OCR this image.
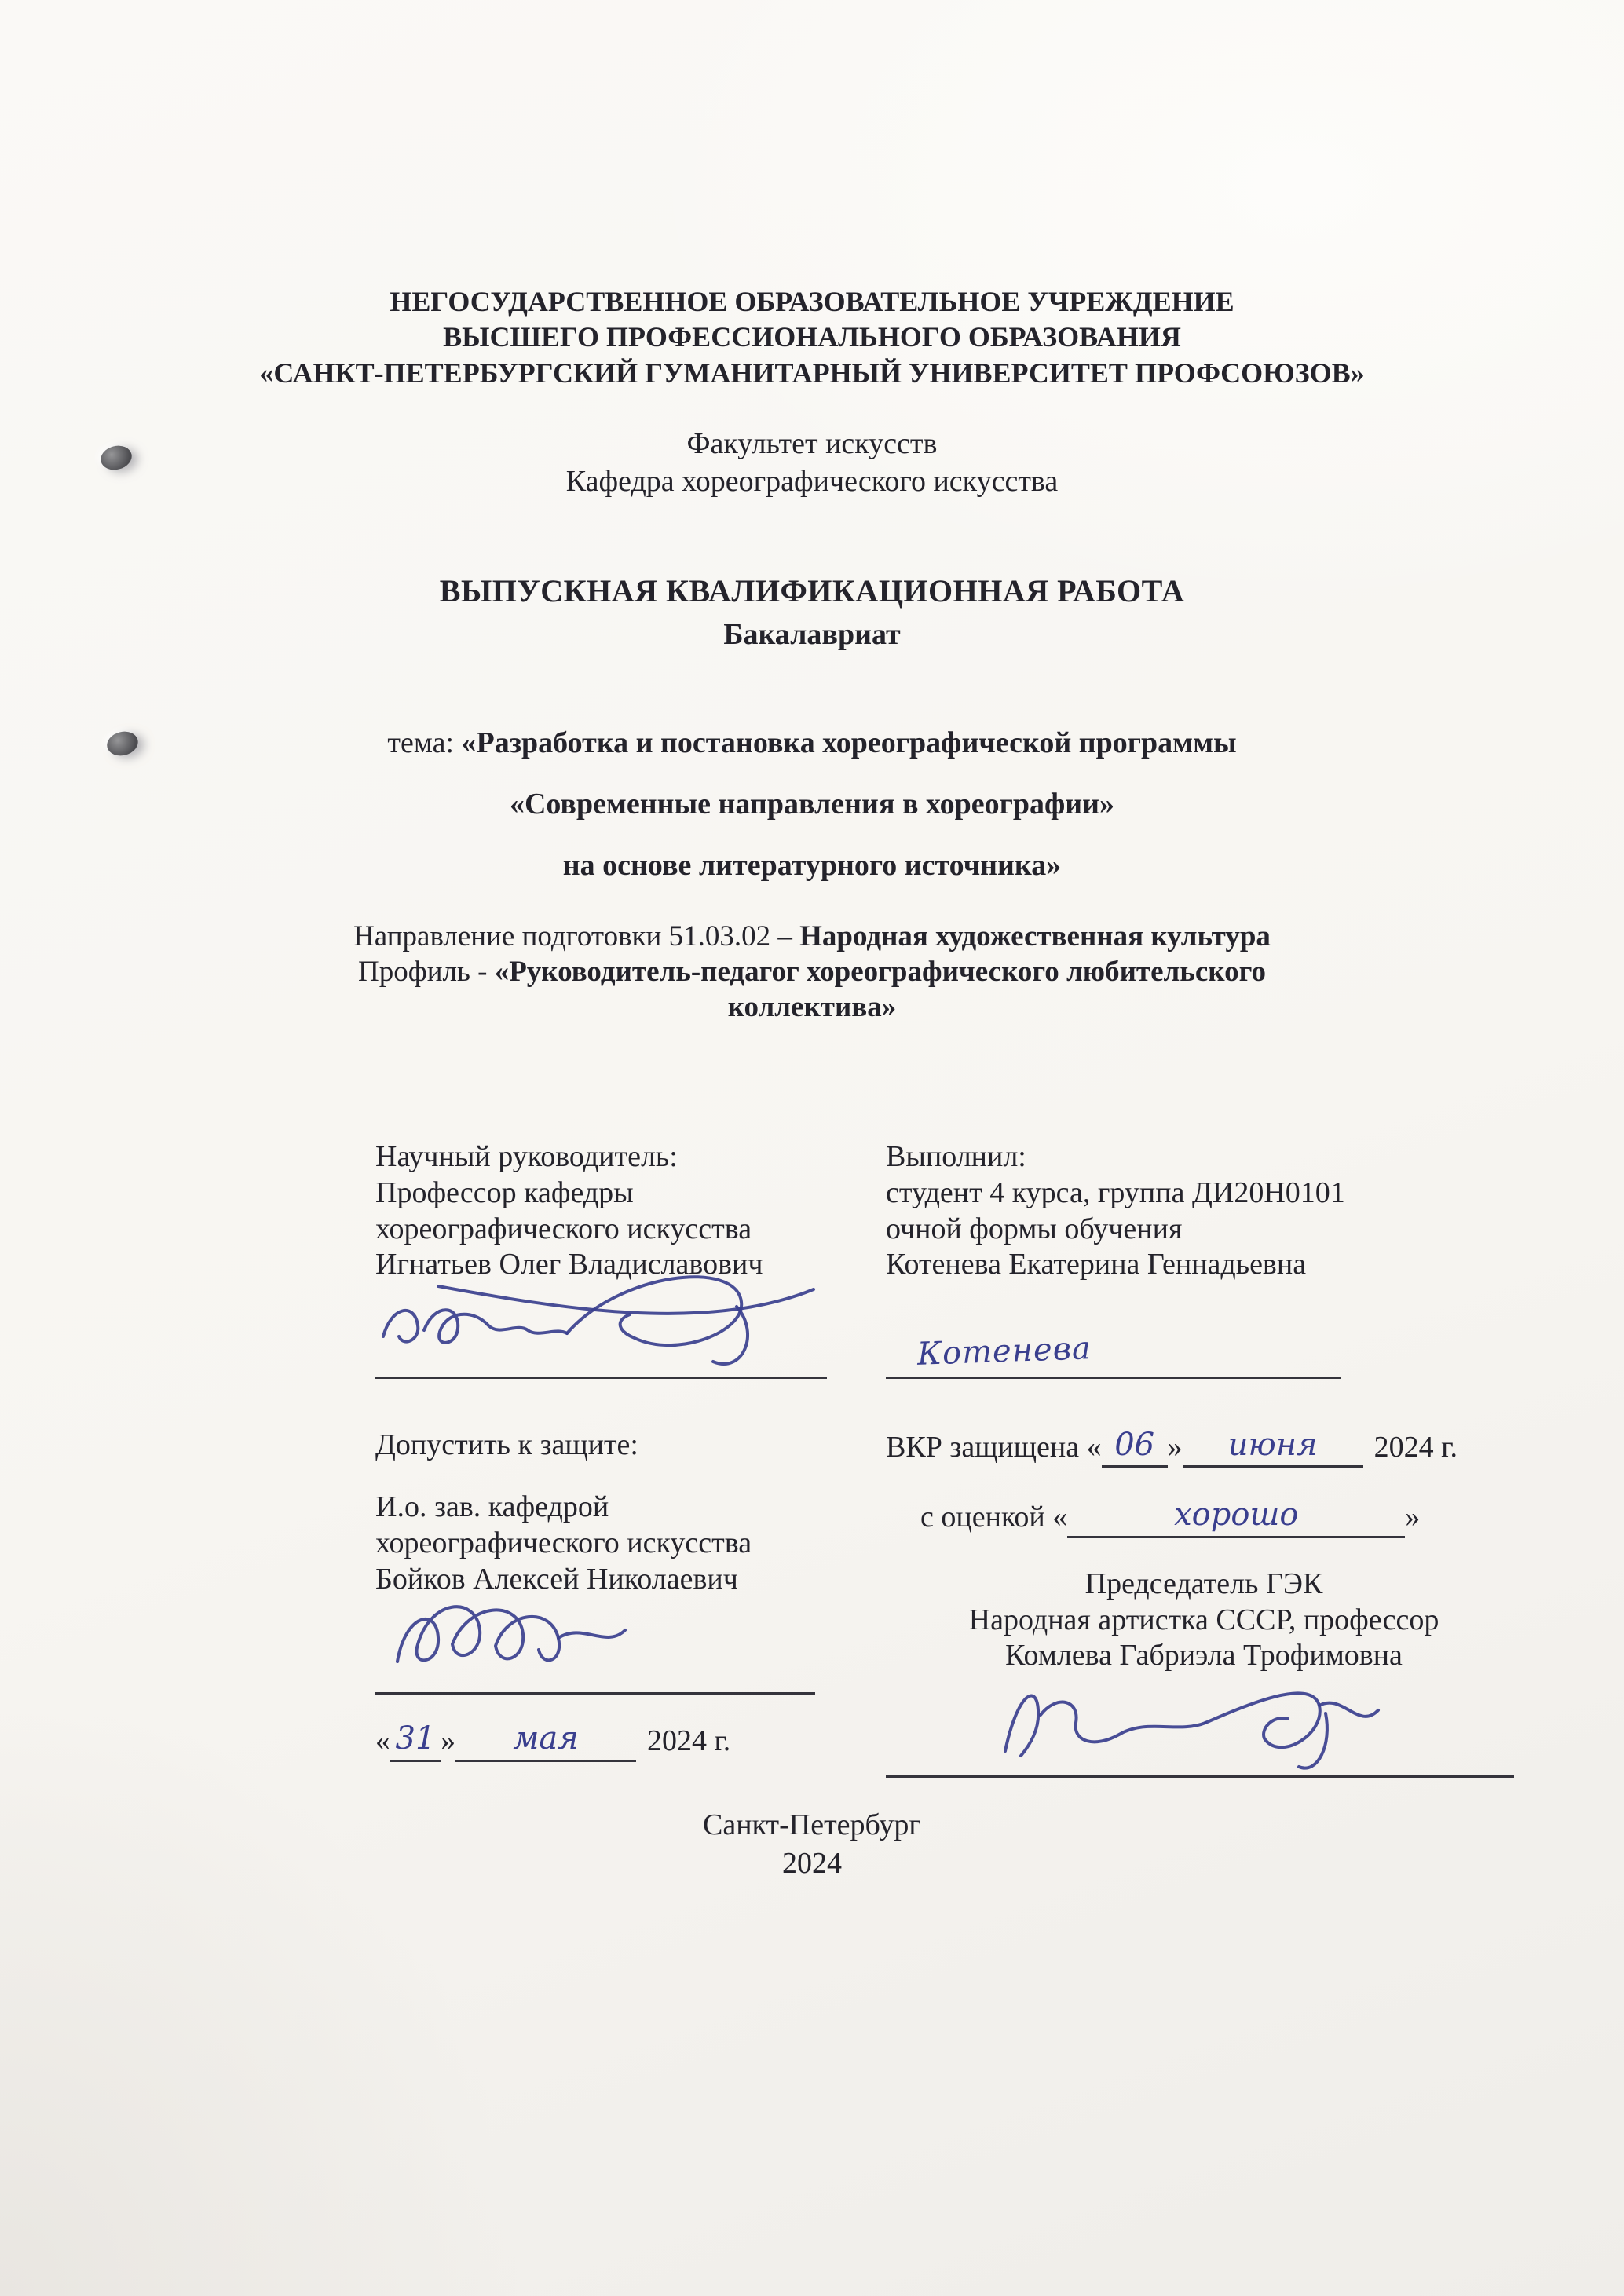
НЕГОСУДАРСТВЕННОЕ ОБРАЗОВАТЕЛЬНОЕ УЧРЕЖДЕНИЕ
ВЫСШЕГО ПРОФЕССИОНАЛЬНОГО ОБРАЗОВАНИЯ
«САНКТ-ПЕТЕРБУРГСКИЙ ГУМАНИТАРНЫЙ УНИВЕРСИТЕТ ПРОФСОЮЗОВ»
Факультет искусств
Кафедра хореографического искусства
ВЫПУСКНАЯ КВАЛИФИКАЦИОННАЯ РАБОТА
Бакалавриат
тема: «Разработка и постановка хореографической программы
«Современные направления в хореографии»
на основе литературного источника»
Направление подготовки 51.03.02 – Народная художественная культура
Профиль - «Руководитель-педагог хореографического любительского
коллектива»
Научный руководитель:
Профессор кафедры
хореографического искусства
Игнатьев Олег Владиславович
Выполнил:
студент 4 курса, группа ДИ20Н0101
очной формы обучения
Котенева Екатерина Геннадьевна
Котенева
Допустить к защите:
И.о. зав. кафедрой
хореографического искусства
Бойков Алексей Николаевич
« 31 » мая 2024 г.
ВКР защищена « 06 » июня 2024 г.
с оценкой «	хорошо	»
Председатель ГЭК
Народная артистка СССР, профессор
Комлева Габриэла Трофимовна
Санкт-Петербург
2024
